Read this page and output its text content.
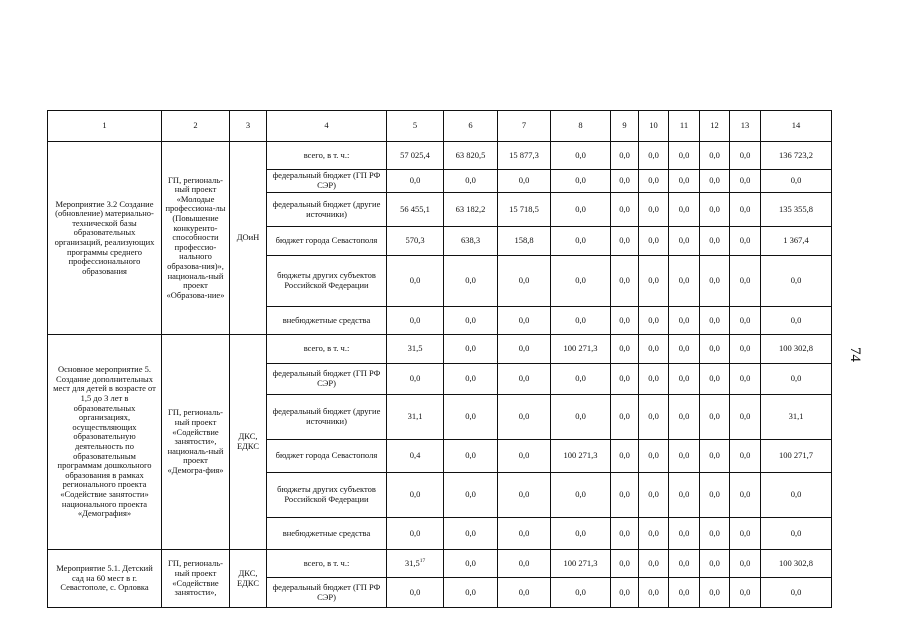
1	2	3	4	5	6	7	8	9	10	11	12	13	14
Мероприятие 3.2 Создание (обновление) материально-технической базы образовательных организаций, реализующих программы среднего профессионального образования	ГП, региональ-ный проект «Молодые профессиона-лы (Повышение конкуренто-способности профессио-нального образова-ния)», националь-ный проект «Образова-ние»	ДОиН	всего, в т. ч.:	57 025,4	63 820,5	15 877,3	0,0	0,0	0,0	0,0	0,0	0,0	136 723,2
			федеральный бюджет (ГП РФ СЭР)	0,0	0,0	0,0	0,0	0,0	0,0	0,0	0,0	0,0	0,0
			федеральный бюджет (другие источники)	56 455,1	63 182,2	15 718,5	0,0	0,0	0,0	0,0	0,0	0,0	135 355,8
			бюджет города Севастополя	570,3	638,3	158,8	0,0	0,0	0,0	0,0	0,0	0,0	1 367,4
			бюджеты других субъектов Российской Федерации	0,0	0,0	0,0	0,0	0,0	0,0	0,0	0,0	0,0	0,0
			внебюджетные средства	0,0	0,0	0,0	0,0	0,0	0,0	0,0	0,0	0,0	0,0
Основное мероприятие 5. Создание дополнительных мест для детей в возрасте от 1,5 до 3 лет в образовательных организациях, осуществляющих образовательную деятельность по образовательным программам дошкольного образования в рамках регионального проекта «Содействие занятости» национального проекта «Демография»	ГП, региональ-ный проект «Содействие занятости», националь-ный проект «Демогра-фия»	ДКС, ЕДКС	всего, в т. ч.:	31,5	0,0	0,0	100 271,3	0,0	0,0	0,0	0,0	0,0	100 302,8
			федеральный бюджет (ГП РФ СЭР)	0,0	0,0	0,0	0,0	0,0	0,0	0,0	0,0	0,0	0,0
			федеральный бюджет (другие источники)	31,1	0,0	0,0	0,0	0,0	0,0	0,0	0,0	0,0	31,1
			бюджет города Севастополя	0,4	0,0	0,0	100 271,3	0,0	0,0	0,0	0,0	0,0	100 271,7
			бюджеты других субъектов Российской Федерации	0,0	0,0	0,0	0,0	0,0	0,0	0,0	0,0	0,0	0,0
			внебюджетные средства	0,0	0,0	0,0	0,0	0,0	0,0	0,0	0,0	0,0	0,0
Мероприятие 5.1. Детский сад на 60 мест в г. Севастополе, с. Орловка	ГП, региональ-ный проект «Содействие занятости»,	ДКС, ЕДКС	всего, в т. ч.:	31,5$^{17}$	0,0	0,0	100 271,3	0,0	0,0	0,0	0,0	0,0	100 302,8
			федеральный бюджет (ГП РФ СЭР)	0,0	0,0	0,0	0,0	0,0	0,0	0,0	0,0	0,0	0,0
74
